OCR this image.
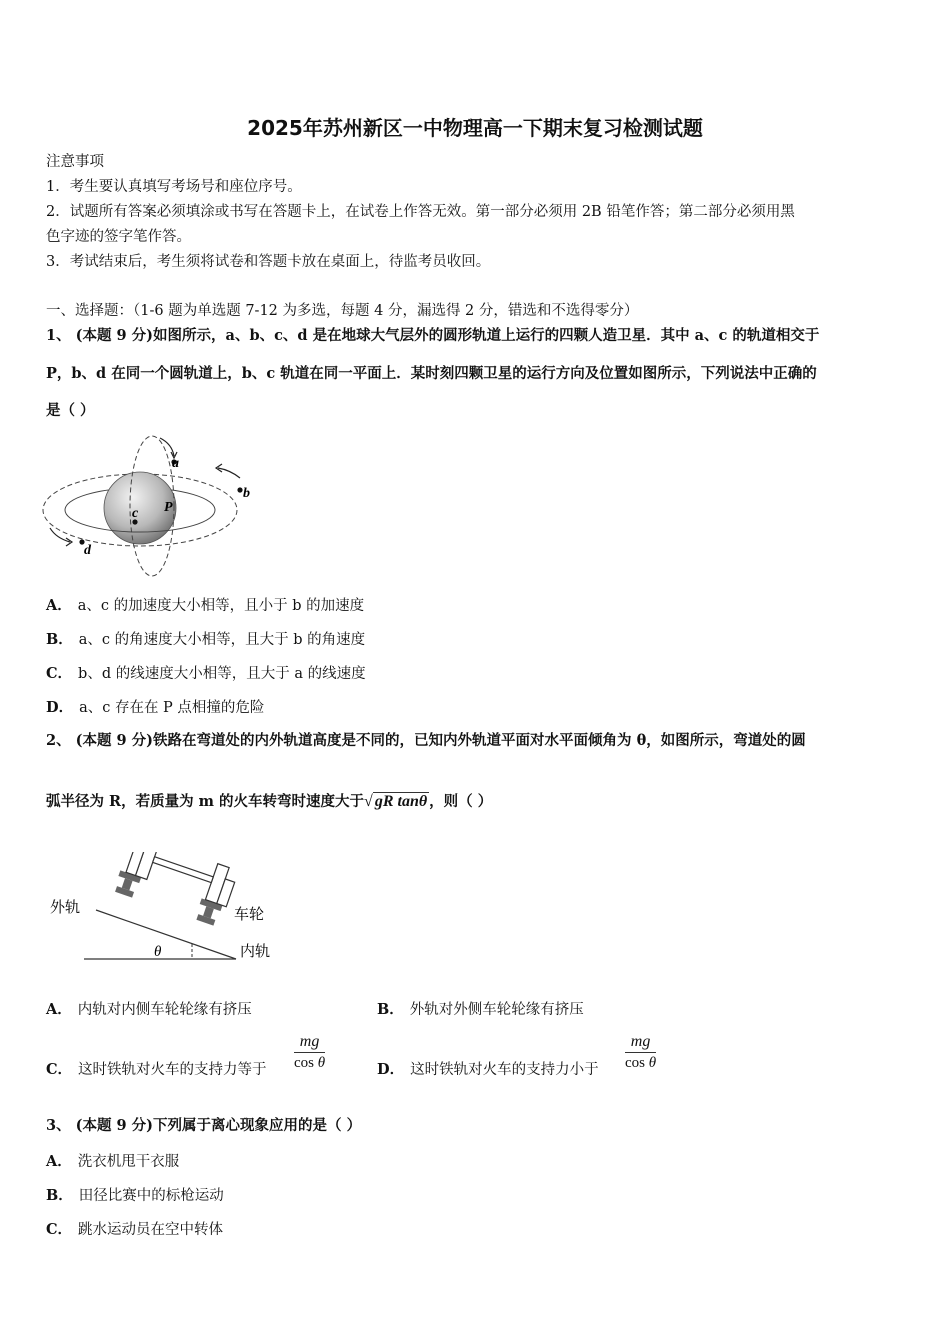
2025年苏州新区一中物理高一下期末复习检测试题
注意事项
1．考生要认真填写考场号和座位序号。
2．试题所有答案必须填涂或书写在答题卡上，在试卷上作答无效。第一部分必须用 2B 铅笔作答；第二部分必须用黑
色字迹的签字笔作答。
3．考试结束后，考生须将试卷和答题卡放在桌面上，待监考员收回。
一、选择题：（1-6 题为单选题 7-12 为多选，每题 4 分，漏选得 2 分，错选和不选得零分）
1、 (本题 9 分)如图所示，a、b、c、d 是在地球大气层外的圆形轨道上运行的四颗人造卫星．其中 a、c 的轨道相交于
P，b、d 在同一个圆轨道上，b、c 轨道在同一平面上．某时刻四颗卫星的运行方向及位置如图所示，下列说法中正确的
是（ ）
a
b
c
d
P
A． a、c 的加速度大小相等，且小于 b 的加速度
B． a、c 的角速度大小相等，且大于 b 的角速度
C． b、d 的线速度大小相等，且大于 a 的线速度
D． a、c 存在在 P 点相撞的危险
2、 (本题 9 分)铁路在弯道处的内外轨道高度是不同的，已知内外轨道平面对水平面倾角为 θ，如图所示，弯道处的圆
弧半径为 R，若质量为 m 的火车转弯时速度大于√ gR tanθ ，则（ ）
外轨	车轮
内轨
θ
A． 内轨对内侧车轮轮缘有挤压	B． 外轨对外侧车轮轮缘有挤压
C． 这时铁轨对火车的支持力等于 $\frac{mg}{\text{cos θ}}$	D． 这时铁轨对火车的支持力小于 $\frac{mg}{\text{cos θ}}$
3、 (本题 9 分)下列属于离心现象应用的是（ ）
A． 洗衣机甩干衣服
B． 田径比赛中的标枪运动
C． 跳水运动员在空中转体
